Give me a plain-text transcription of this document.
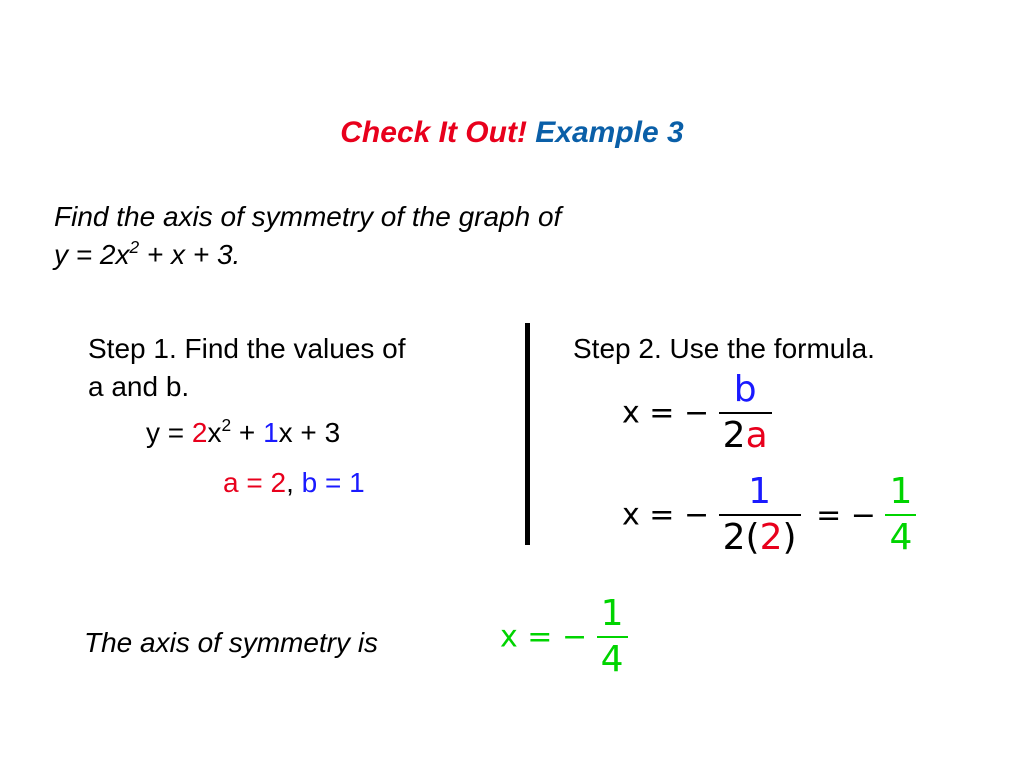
Check It Out! Example 3
Find the axis of symmetry of the graph of
$y = 2x^2 + x + 3$.
Step 1. Find the values of
a and b.
$y = 2x^2 + 1x + 3$
a = 2, b = 1
Step 2. Use the formula.
x = − $\frac{b}{2a}$
x = − $\frac{1}{2(2)}$ = − $\frac{1}{4}$
The axis of symmetry is	x = − $\frac{1}{4}$
